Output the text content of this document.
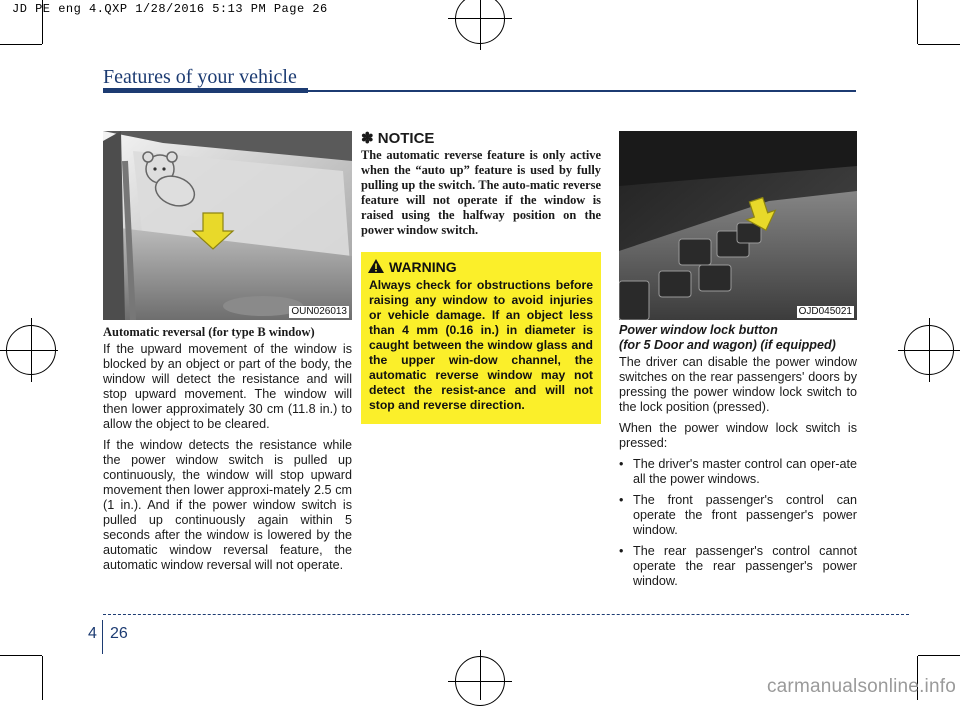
JD PE eng 4.QXP 1/28/2016 5:13 PM Page 26
Features of your vehicle
OUN026013
Automatic reversal (for type B window)

If the upward movement of the window is blocked by an object or part of the body, the window will detect the resistance and will stop upward movement. The window will then lower approximately 30 cm (11.8 in.) to allow the object to be cleared.

If the window detects the resistance while the power window switch is pulled up continuously, the window will stop upward movement then lower approxi-mately 2.5 cm (1 in.). And if the power window switch is pulled up continuously again within 5 seconds after the window is lowered by the automatic window reversal feature, the automatic window reversal will not operate.

✽ NOTICE
The automatic reverse feature is only active when the “auto up” feature is used by fully pulling up the switch. The auto-matic reverse feature will not operate if the window is raised using the halfway position on the power window switch.
WARNING
Always check for obstructions before raising any window to avoid injuries or vehicle damage. If an object less than 4 mm (0.16 in.) in diameter is caught between the window glass and the upper win-dow channel, the automatic reverse window may not detect the resist-ance and will not stop and reverse direction.
OJD045021
Power window lock button
(for 5 Door and wagon) (if equipped)

The driver can disable the power window switches on the rear passengers' doors by pressing the power window lock switch to the lock position (pressed).

When the power window lock switch is pressed:

• The driver's master control can oper-ate all the power windows.
• The front passenger's control can operate the front passenger's power window.
• The rear passenger's control cannot operate the rear passenger's power window.
4 26
carmanualsonline.info
